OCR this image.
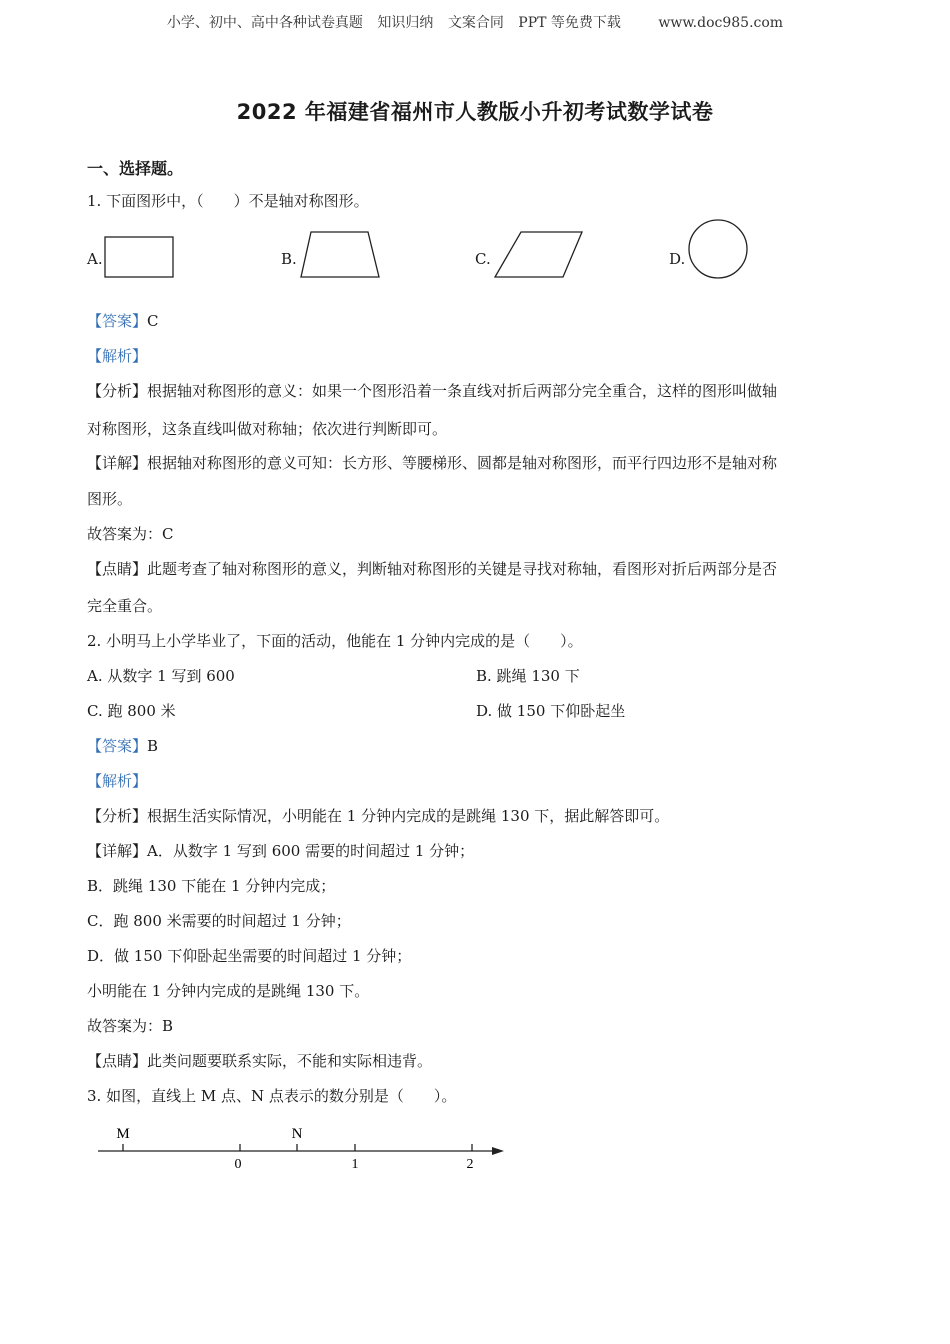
小学、初中、高中各种试卷真题 知识归纳 文案合同 PPT 等免费下载	www.doc985.com
2022 年福建省福州市人教版小升初考试数学试卷
一、选择题。
1. 下面图形中，（　　）不是轴对称图形。
A.	B.	C.	D.
【答案】C
【解析】
【分析】根据轴对称图形的意义：如果一个图形沿着一条直线对折后两部分完全重合，这样的图形叫做轴
对称图形，这条直线叫做对称轴；依次进行判断即可。
【详解】根据轴对称图形的意义可知：长方形、等腰梯形、圆都是轴对称图形，而平行四边形不是轴对称
图形。
故答案为：C
【点睛】此题考查了轴对称图形的意义，判断轴对称图形的关键是寻找对称轴，看图形对折后两部分是否
完全重合。
2. 小明马上小学毕业了，下面的活动，他能在 1 分钟内完成的是（　　）。
A. 从数字 1 写到 600	B. 跳绳 130 下
C. 跑 800 米	D. 做 150 下仰卧起坐
【答案】B
【解析】
【分析】根据生活实际情况，小明能在 1 分钟内完成的是跳绳 130 下，据此解答即可。
【详解】A．从数字 1 写到 600 需要的时间超过 1 分钟；
B．跳绳 130 下能在 1 分钟内完成；
C．跑 800 米需要的时间超过 1 分钟；
D．做 150 下仰卧起坐需要的时间超过 1 分钟；
小明能在 1 分钟内完成的是跳绳 130 下。
故答案为：B
【点睛】此类问题要联系实际，不能和实际相违背。
3. 如图，直线上 M 点、N 点表示的数分别是（　　）。
M	N
0	1	2
